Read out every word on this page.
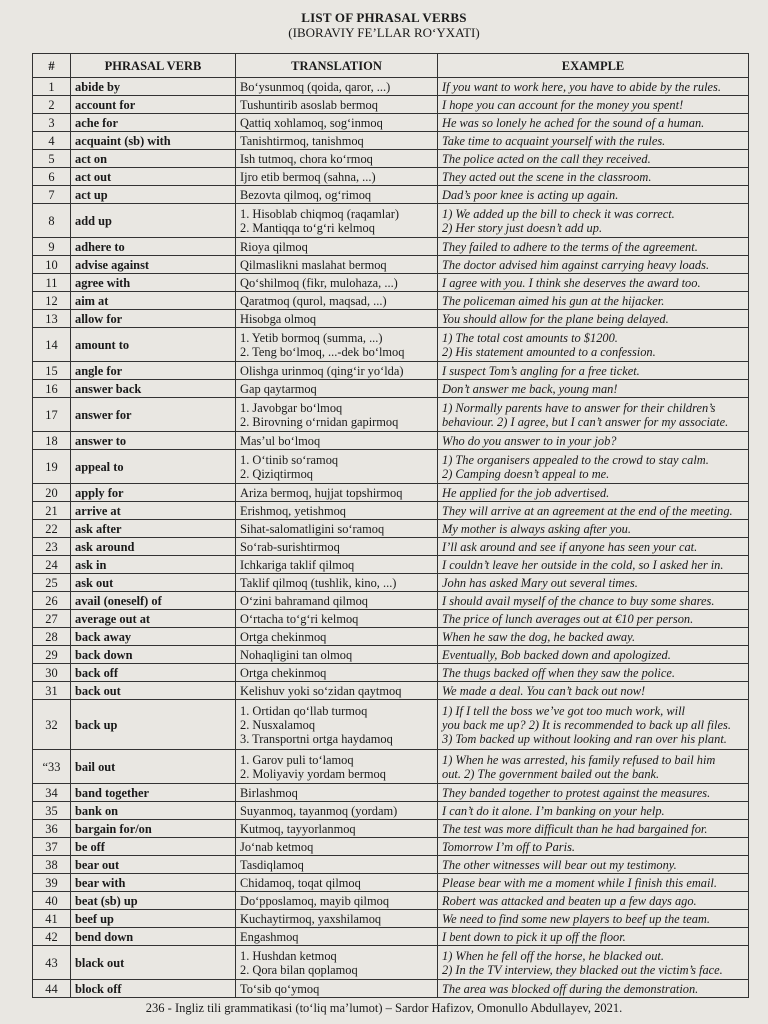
LIST OF PHRASAL VERBS
(IBORAVIY FE’LLAR RO‘YXATI)
#	PHRASAL VERB	TRANSLATION	EXAMPLE
1	abide by	Bo‘ysunmoq (qoida, qaror, ...)	If you want to work here, you have to abide by the rules.

2	account for	Tushuntirib asoslab bermoq	I hope you can account for the money you spent!

3	ache for	Qattiq xohlamoq, sog‘inmoq	He was so lonely he ached for the sound of a human.

4	acquaint (sb) with	Tanishtirmoq, tanishmoq	Take time to acquaint yourself with the rules.

5	act on	Ish tutmoq, chora ko‘rmoq	The police acted on the call they received.

6	act out	Ijro etib bermoq (sahna, ...)	They acted out the scene in the classroom.

7	act up	Bezovta qilmoq, og‘rimoq	Dad’s poor knee is acting up again.

8	add up	1. Hisoblab chiqmoq (raqamlar)
2. Mantiqqa to‘g‘ri kelmoq	1) We added up the bill to check it was correct.
2) Her story just doesn’t add up.

9	adhere to	Rioya qilmoq	They failed to adhere to the terms of the agreement.

10	advise against	Qilmaslikni maslahat bermoq	The doctor advised him against carrying heavy loads.

11	agree with	Qo‘shilmoq (fikr, mulohaza, ...)	I agree with you. I think she deserves the award too.

12	aim at	Qaratmoq (qurol, maqsad, ...)	The policeman aimed his gun at the hijacker.

13	allow for	Hisobga olmoq	You should allow for the plane being delayed.

14	amount to	1. Yetib bormoq (summa, ...)
2. Teng bo‘lmoq, ...-dek bo‘lmoq	1) The total cost amounts to $1200.
2) His statement amounted to a confession.

15	angle for	Olishga urinmoq (qing‘ir yo‘lda)	I suspect Tom’s angling for a free ticket.

16	answer back	Gap qaytarmoq	Don’t answer me back, young man!

17	answer for	1. Javobgar bo‘lmoq
2. Birovning o‘rnidan gapirmoq	1) Normally parents have to answer for their children’s
behaviour. 2) I agree, but I can’t answer for my associate.

18	answer to	Mas’ul bo‘lmoq	Who do you answer to in your job?

19	appeal to	1. O‘tinib so‘ramoq
2. Qiziqtirmoq	1) The organisers appealed to the crowd to stay calm.
2) Camping doesn’t appeal to me.

20	apply for	Ariza bermoq, hujjat topshirmoq	He applied for the job advertised.

21	arrive at	Erishmoq, yetishmoq	They will arrive at an agreement at the end of the meeting.

22	ask after	Sihat-salomatligini so‘ramoq	My mother is always asking after you.

23	ask around	So‘rab-surishtirmoq	I’ll ask around and see if anyone has seen your cat.

24	ask in	Ichkariga taklif qilmoq	I couldn’t leave her outside in the cold, so I asked her in.

25	ask out	Taklif qilmoq (tushlik, kino, ...)	John has asked Mary out several times.

26	avail (oneself) of	O‘zini bahramand qilmoq	I should avail myself of the chance to buy some shares.

27	average out at	O‘rtacha to‘g‘ri kelmoq	The price of lunch averages out at €10 per person.

28	back away	Ortga chekinmoq	When he saw the dog, he backed away.

29	back down	Nohaqligini tan olmoq	Eventually, Bob backed down and apologized.

30	back off	Ortga chekinmoq	The thugs backed off when they saw the police.

31	back out	Kelishuv yoki so‘zidan qaytmoq	We made a deal. You can’t back out now!

32	back up	1. Ortidan qo‘llab turmoq
2. Nusxalamoq
3. Transportni ortga haydamoq	1) If I tell the boss we’ve got too much work, will
you back me up? 2) It is recommended to back up all files.
3) Tom backed up without looking and ran over his plant.

“33	bail out	1. Garov puli to‘lamoq
2. Moliyaviy yordam bermoq	1) When he was arrested, his family refused to bail him
out. 2) The government bailed out the bank.

34	band together	Birlashmoq	They banded together to protest against the measures.

35	bank on	Suyanmoq, tayanmoq (yordam)	I can’t do it alone. I’m banking on your help.

36	bargain for/on	Kutmoq, tayyorlanmoq	The test was more difficult than he had bargained for.

37	be off	Jo‘nab ketmoq	Tomorrow I’m off to Paris.

38	bear out	Tasdiqlamoq	The other witnesses will bear out my testimony.

39	bear with	Chidamoq, toqat qilmoq	Please bear with me a moment while I finish this email.

40	beat (sb) up	Do‘pposlamoq, mayib qilmoq	Robert was attacked and beaten up a few days ago.

41	beef up	Kuchaytirmoq, yaxshilamoq	We need to find some new players to beef up the team.

42	bend down	Engashmoq	I bent down to pick it up off the floor.

43	black out	1. Hushdan ketmoq
2. Qora bilan qoplamoq	1) When he fell off the horse, he blacked out.
2) In the TV interview, they blacked out the victim’s face.

44	block off	To‘sib qo‘ymoq	The area was blocked off during the demonstration.
236 - Ingliz tili grammatikasi (to‘liq ma’lumot) – Sardor Hafizov, Omonullo Abdullayev, 2021.
